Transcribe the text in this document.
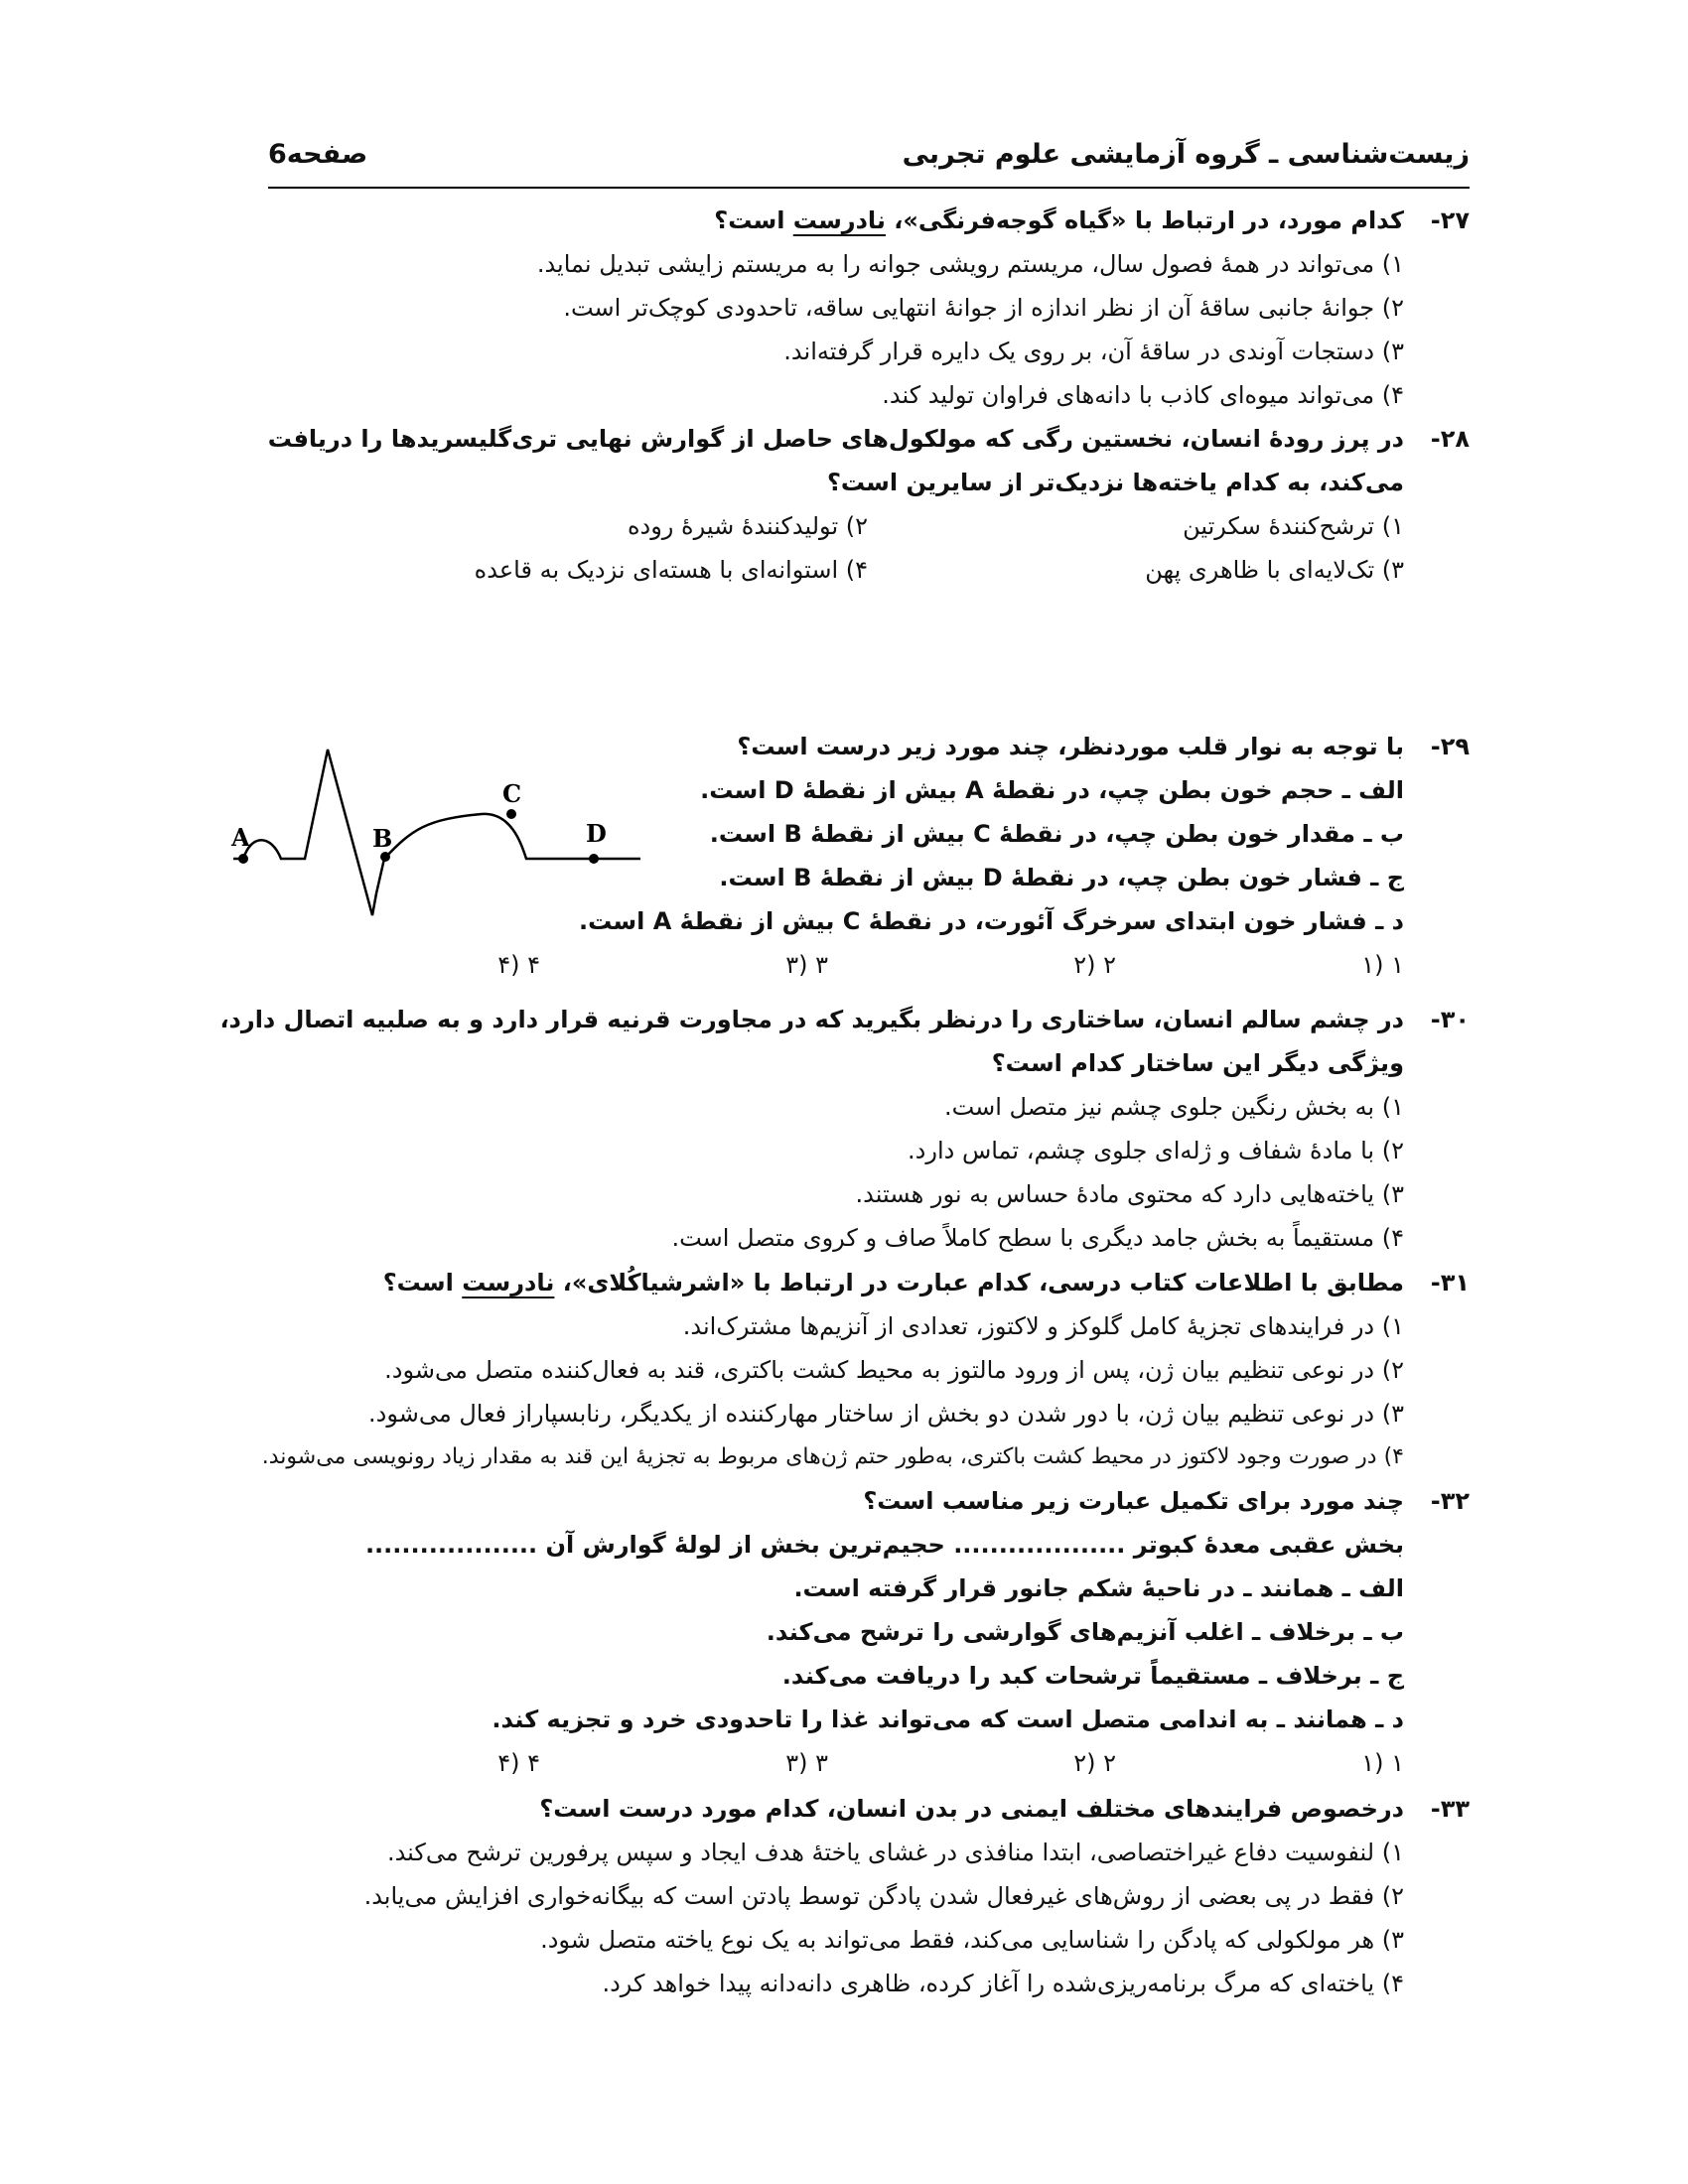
زیست‌شناسی ـ گروه آزمایشی علوم تجربی
صفحه6
۲۷-
کدام مورد، در ارتباط با «گیاه گوجه‌فرنگی»، نادرست است؟
۱) می‌تواند در همهٔ فصول سال، مریستم رویشی جوانه را به مریستم زایشی تبدیل نماید.
۲) جوانهٔ جانبی ساقهٔ آن از نظر اندازه از جوانهٔ انتهایی ساقه، تاحدودی کوچک‌تر است.
۳) دستجات آوندی در ساقهٔ آن، بر روی یک دایره قرار گرفته‌اند.
۴) می‌تواند میوه‌ای کاذب با دانه‌های فراوان تولید کند.
۲۸-
در پرز رودهٔ انسان، نخستین رگی که مولکول‌های حاصل از گوارش نهایی تری‌گلیسریدها را دریافت می‌کند، به کدام یاخته‌ها نزدیک‌تر از سایرین است؟
۱) ترشح‌کنندهٔ سکرتین
۲) تولیدکنندهٔ شیرهٔ روده
۳) تک‌لایه‌ای با ظاهری پهن
۴) استوانه‌ای با هسته‌ای نزدیک به قاعده
۲۹-
با توجه به نوار قلب موردنظر، چند مورد زیر درست است؟
الف ـ حجم خون بطن چپ، در نقطهٔ A بیش از نقطهٔ D است.
ب ـ مقدار خون بطن چپ، در نقطهٔ C بیش از نقطهٔ B است.
ج ـ فشار خون بطن چپ، در نقطهٔ D بیش از نقطهٔ B است.
د ـ فشار خون ابتدای سرخرگ آئورت، در نقطهٔ C بیش از نقطهٔ A است.
۱ (۱
۲ (۲
۳ (۳
۴ (۴
A	B
C
D
۳۰-
در چشم سالم انسان، ساختاری را درنظر بگیرید که در مجاورت قرنیه قرار دارد و به صلبیه اتصال دارد، ویژگی دیگر این ساختار کدام است؟
۱) به بخش رنگین جلوی چشم نیز متصل است.
۲) با مادهٔ شفاف و ژله‌ای جلوی چشم، تماس دارد.
۳) یاخته‌هایی دارد که محتوی مادهٔ حساس به نور هستند.
۴) مستقیماً به بخش جامد دیگری با سطح کاملاً صاف و کروی متصل است.
۳۱-
مطابق با اطلاعات کتاب درسی، کدام عبارت در ارتباط با «اشرشیاکُلای»، نادرست است؟
۱) در فرایندهای تجزیهٔ کامل گلوکز و لاکتوز، تعدادی از آنزیم‌ها مشترک‌اند.
۲) در نوعی تنظیم بیان ژن، پس از ورود مالتوز به محیط کشت باکتری، قند به فعال‌کننده متصل می‌شود.
۳) در نوعی تنظیم بیان ژن، با دور شدن دو بخش از ساختار مهارکننده از یکدیگر، رنابسپاراز فعال می‌شود.
۴) در صورت وجود لاکتوز در محیط کشت باکتری، به‌طور حتم ژن‌های مربوط به تجزیهٔ این قند به مقدار زیاد رونویسی می‌شوند.
۳۲-
چند مورد برای تکمیل عبارت زیر مناسب است؟
بخش عقبی معدهٔ کبوتر ................... حجیم‌ترین بخش از لولهٔ گوارش آن ...................
الف ـ همانند ـ در ناحیهٔ شکم جانور قرار گرفته است.
ب ـ برخلاف ـ اغلب آنزیم‌های گوارشی را ترشح می‌کند.
ج ـ برخلاف ـ مستقیماً ترشحات کبد را دریافت می‌کند.
د ـ همانند ـ به اندامی متصل است که می‌تواند غذا را تاحدودی خرد و تجزیه کند.
۱ (۱
۲ (۲
۳ (۳
۴ (۴
۳۳-
درخصوص فرایندهای مختلف ایمنی در بدن انسان، کدام مورد درست است؟
۱) لنفوسیت دفاع غیراختصاصی، ابتدا منافذی در غشای یاختهٔ هدف ایجاد و سپس پرفورین ترشح می‌کند.
۲) فقط در پی بعضی از روش‌های غیرفعال شدن پادگن توسط پادتن است که بیگانه‌خواری افزایش می‌یابد.
۳) هر مولکولی که پادگن را شناسایی می‌کند، فقط می‌تواند به یک نوع یاخته متصل شود.
۴) یاخته‌ای که مرگ برنامه‌ریزی‌شده را آغاز کرده، ظاهری دانه‌دانه پیدا خواهد کرد.
